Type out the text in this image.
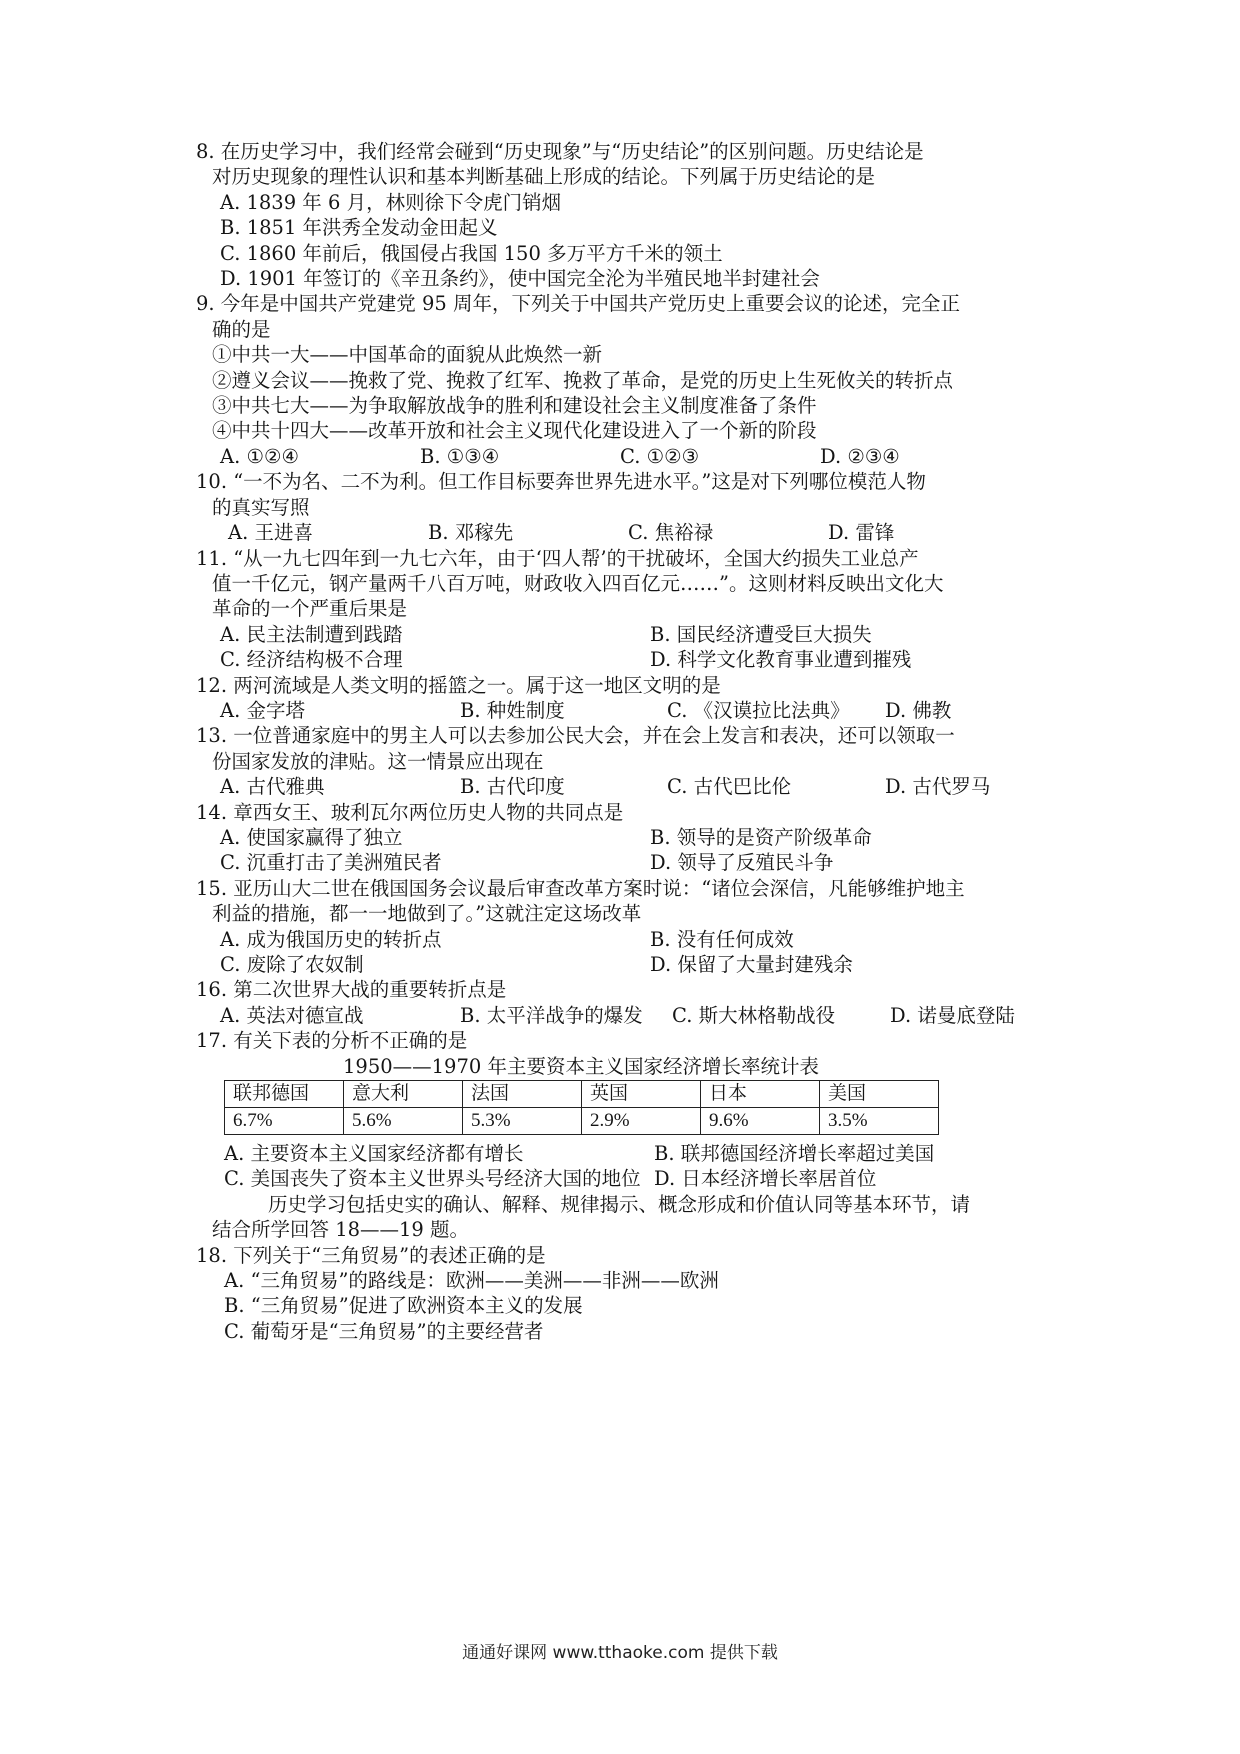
8. 在历史学习中，我们经常会碰到“历史现象”与“历史结论”的区别问题。历史结论是
对历史现象的理性认识和基本判断基础上形成的结论。下列属于历史结论的是
A. 1839 年 6 月，林则徐下令虎门销烟
B. 1851 年洪秀全发动金田起义
C. 1860 年前后，俄国侵占我国 150 多万平方千米的领土
D. 1901 年签订的《辛丑条约》，使中国完全沦为半殖民地半封建社会
9. 今年是中国共产党建党 95 周年，下列关于中国共产党历史上重要会议的论述，完全正
确的是
①中共一大——中国革命的面貌从此焕然一新
②遵义会议——挽救了党、挽救了红军、挽救了革命，是党的历史上生死攸关的转折点
③中共七大——为争取解放战争的胜利和建设社会主义制度准备了条件
④中共十四大——改革开放和社会主义现代化建设进入了一个新的阶段
A. ①②④	B. ①③④	C. ①②③	D. ②③④
10. “一不为名、二不为利。但工作目标要奔世界先进水平。”这是对下列哪位模范人物
的真实写照
A. 王进喜	B. 邓稼先	C. 焦裕禄	D. 雷锋
11. “从一九七四年到一九七六年，由于‘四人帮’的干扰破坏，全国大约损失工业总产
值一千亿元，钢产量两千八百万吨，财政收入四百亿元……”。这则材料反映出文化大
革命的一个严重后果是
A. 民主法制遭到践踏	B. 国民经济遭受巨大损失
C. 经济结构极不合理	D. 科学文化教育事业遭到摧残
12. 两河流域是人类文明的摇篮之一。属于这一地区文明的是
A. 金字塔	B. 种姓制度	C. 《汉谟拉比法典》 D. 佛教
13. 一位普通家庭中的男主人可以去参加公民大会，并在会上发言和表决，还可以领取一
份国家发放的津贴。这一情景应出现在
A. 古代雅典	B. 古代印度	C. 古代巴比伦	D. 古代罗马
14. 章西女王、玻利瓦尔两位历史人物的共同点是
A. 使国家赢得了独立	B. 领导的是资产阶级革命
C. 沉重打击了美洲殖民者	D. 领导了反殖民斗争
15. 亚历山大二世在俄国国务会议最后审查改革方案时说：“诸位会深信，凡能够维护地主
利益的措施，都一一地做到了。”这就注定这场改革
A. 成为俄国历史的转折点	B. 没有任何成效
C. 废除了农奴制	D. 保留了大量封建残余
16. 第二次世界大战的重要转折点是
A. 英法对德宣战	B. 太平洋战争的爆发 C. 斯大林格勒战役	D. 诺曼底登陆
17. 有关下表的分析不正确的是
1950——1970 年主要资本主义国家经济增长率统计表
联邦德国	意大利	法国	英国	日本	美国
6.7%	5.6%	5.3%	2.9%	9.6%	3.5%
A. 主要资本主义国家经济都有增长	B. 联邦德国经济增长率超过美国
C. 美国丧失了资本主义世界头号经济大国的地位 D. 日本经济增长率居首位
历史学习包括史实的确认、解释、规律揭示、概念形成和价值认同等基本环节，请
结合所学回答 18——19 题。
18. 下列关于“三角贸易”的表述正确的是
A. “三角贸易”的路线是：欧洲——美洲——非洲——欧洲
B. “三角贸易”促进了欧洲资本主义的发展
C. 葡萄牙是“三角贸易”的主要经营者
通通好课网 www.tthaoke.com 提供下载
